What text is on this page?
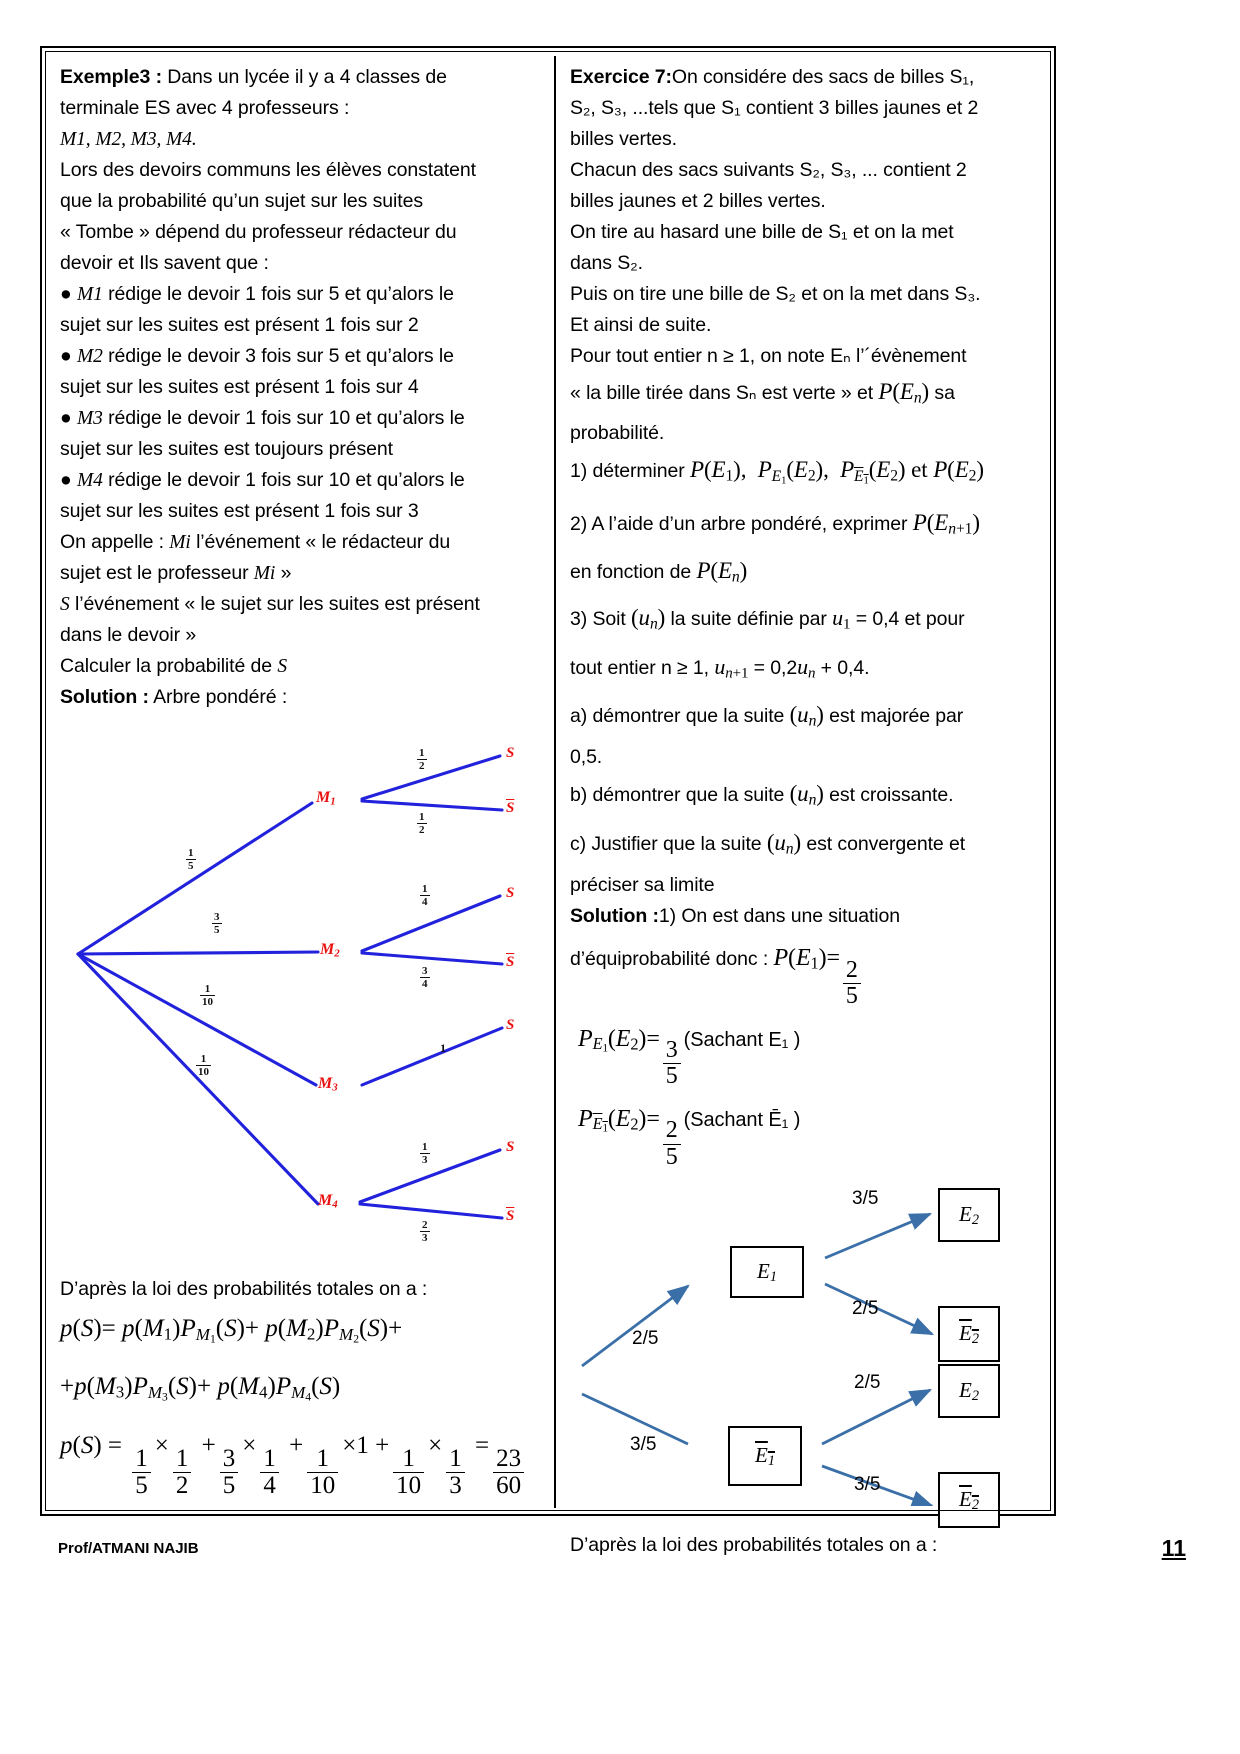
Exemple3 : Dans un lycée il y a 4 classes de

terminale ES avec 4 professeurs :

M1, M2, M3, M4.

Lors des devoirs communs les élèves constatent

que la probabilité qu’un sujet sur les suites

« Tombe » dépend du professeur rédacteur du

devoir et Ils savent que :

● M1 rédige le devoir 1 fois sur 5 et qu’alors le

sujet sur les suites est présent 1 fois sur 2

● M2 rédige le devoir 3 fois sur 5 et qu’alors le

sujet sur les suites est présent 1 fois sur 4

● M3 rédige le devoir 1 fois sur 10 et qu’alors le

sujet sur les suites est toujours présent

● M4 rédige le devoir 1 fois sur 10 et qu’alors le

sujet sur les suites est présent 1 fois sur 3

On appelle : Mi l’événement « le rédacteur du

sujet est le professeur Mi »

S l’événement « le sujet sur les suites est présent

dans le devoir »

Calculer la probabilité de S

Solution : Arbre pondéré :

$M_1$
$M_2$
$M_3$
$M_4$
S
$\overline{S}$
S
$\overline{S}$
S
S
$\overline{S}$
$\frac{1}{5}$
$\frac{3}{5}$
$\frac{1}{10}$
$\frac{1}{10}$
$\frac{1}{2}$
$\frac{1}{2}$
$\frac{1}{4}$
$\frac{3}{4}$
1
$\frac{1}{3}$
$\frac{2}{3}$

D’après la loi des probabilités totales on a :

$p(S)= p(M_1)P_{M_1}(S)+ p(M_2)P_{M_2}(S)+$
$+p(M_3)P_{M_3}(S)+ p(M_4)P_{M_4}(S)$
p(S) =
$\frac{1}{5}$
×
$\frac{1}{2}$
+
$\frac{3}{5}$
×
$\frac{1}{4}$
+
$\frac{1}{10}$
×1 +
$\frac{1}{10}$
×
$\frac{1}{3}$
=
$\frac{23}{60}$

Exercice 7:On considére des sacs de billes S₁,

S₂, S₃, ...tels que S₁ contient 3 billes jaunes et 2

billes vertes.

Chacun des sacs suivants S₂, S₃, ... contient 2

billes jaunes et 2 billes vertes.

On tire au hasard une bille de S₁ et on la met

dans S₂.

Puis on tire une bille de S₂ et on la met dans S₃.

Et ainsi de suite.

Pour tout entier n ≥ 1, on note Eₙ l’´évènement

« la bille tirée dans Sₙ est verte » et $P(E_n)$ sa

probabilité.

1) déterminer $P(E_1)$,  $P_{E_1}(E_2)$,  $P_{E_1}(E_2)$ et $P(E_2)$

2) A l’aide d’un arbre pondéré, exprimer $P(E_{n+1})$

en fonction de $P(E_n)$

3) Soit $(u_n)$ la suite définie par $u_1 = 0,4$ et pour

tout entier n ≥ 1, $u_{n+1} = 0,2u_n + 0,4$.

a) démontrer que la suite $(u_n)$ est majorée par

0,5.

b) démontrer que la suite $(u_n)$ est croissante.

c) Justifier que la suite $(u_n)$ est convergente et

préciser sa limite

Solution :1) On est dans une situation

d’équiprobabilité donc : $P(E_1)= \frac{2}{5}$

$P_{E_1}(E_2)= \frac{3}{5}$ (Sachant E₁ )

$P_{E_1}(E_2)= \frac{2}{5}$ (Sachant Ē₁ )

$E_1$
$E_1$
$E_2$
$E_2$
$E_2$
$E_2$
2/5
3/5
3/5
2/5
2/5
3/5

D’après la loi des probabilités totales on a :

Prof/ATMANI NAJIB	11
